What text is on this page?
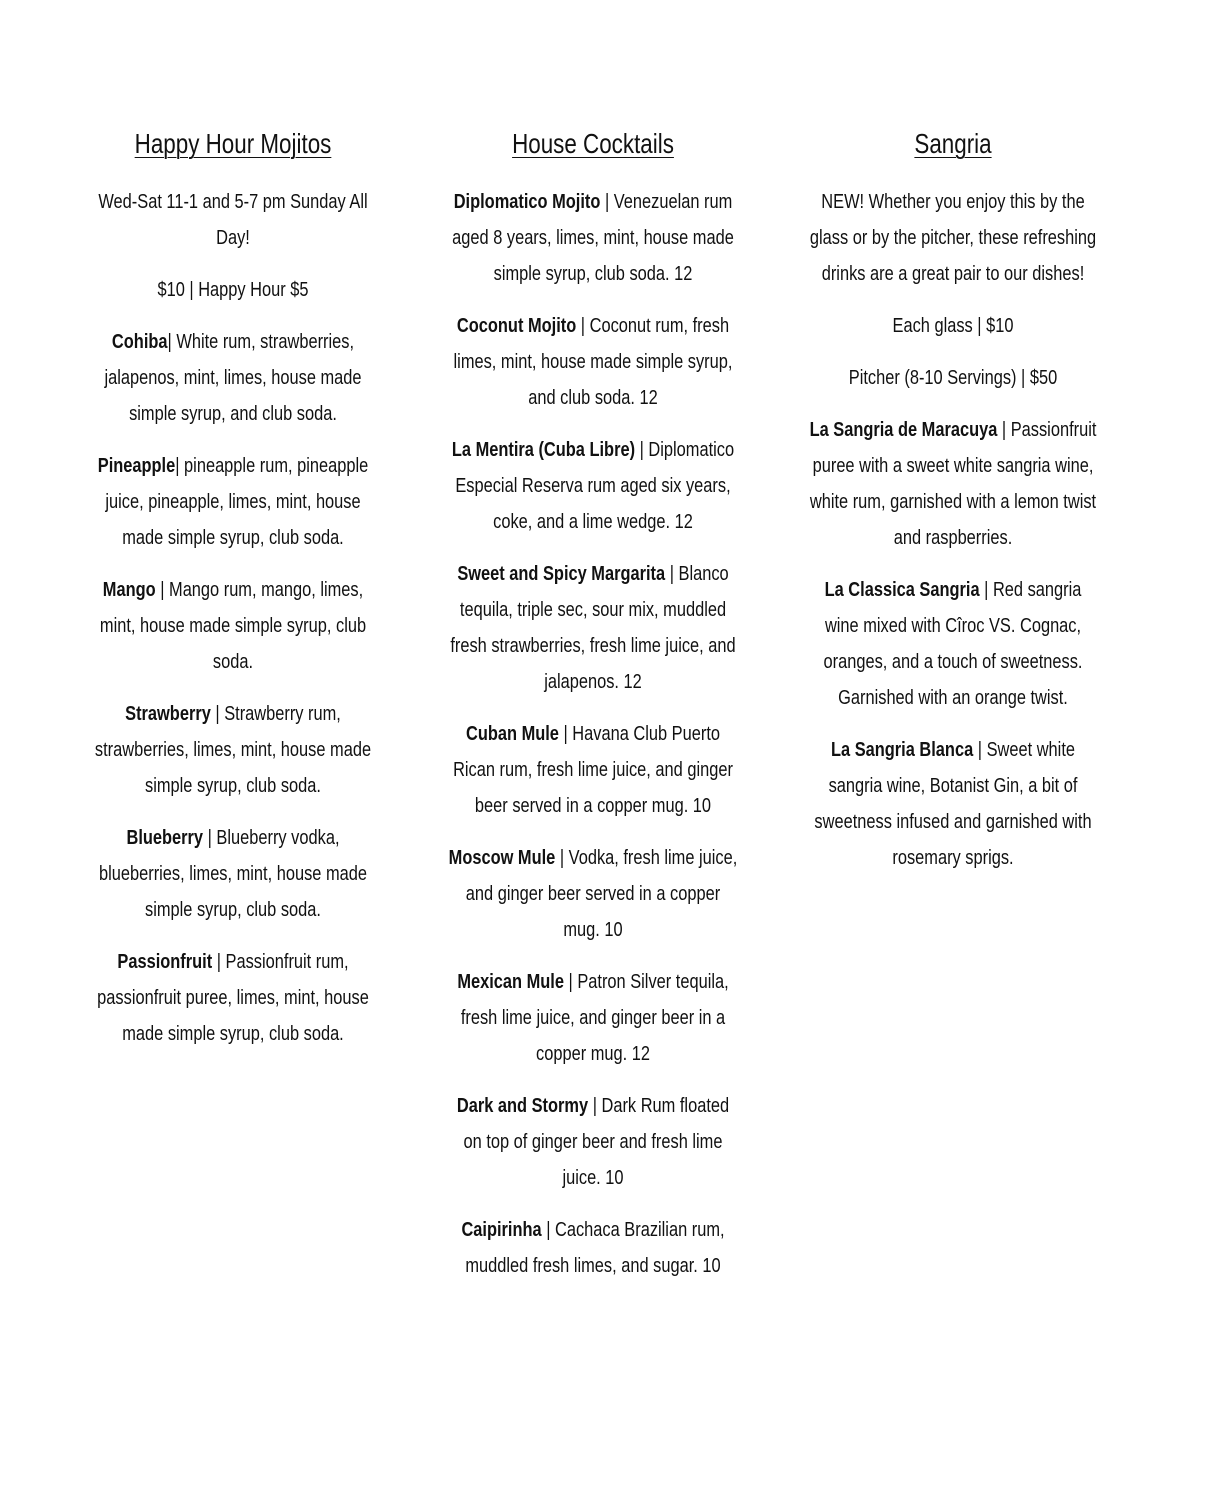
Happy Hour Mojitos

Wed-Sat 11-1 and 5-7 pm Sunday All Day!

$10 | Happy Hour $5

Cohiba| White rum, strawberries, jalapenos, mint, limes, house made simple syrup, and club soda.

Pineapple| pineapple rum, pineapple juice, pineapple, limes, mint, house made simple syrup, club soda.

Mango | Mango rum, mango, limes, mint, house made simple syrup, club soda.

Strawberry | Strawberry rum, strawberries, limes, mint, house made simple syrup, club soda.

Blueberry | Blueberry vodka, blueberries, limes, mint, house made simple syrup, club soda.

Passionfruit | Passionfruit rum, passionfruit puree, limes, mint, house made simple syrup, club soda.

House Cocktails

Diplomatico Mojito | Venezuelan rum aged 8 years, limes, mint, house made simple syrup, club soda. 12

Coconut Mojito | Coconut rum, fresh limes, mint, house made simple syrup, and club soda. 12

La Mentira (Cuba Libre) | Diplomatico Especial Reserva rum aged six years, coke, and a lime wedge. 12

Sweet and Spicy Margarita | Blanco tequila, triple sec, sour mix, muddled fresh strawberries, fresh lime juice, and jalapenos. 12

Cuban Mule | Havana Club Puerto Rican rum, fresh lime juice, and ginger beer served in a copper mug. 10

Moscow Mule | Vodka, fresh lime juice, and ginger beer served in a copper mug. 10

Mexican Mule | Patron Silver tequila, fresh lime juice, and ginger beer in a copper mug. 12

Dark and Stormy | Dark Rum floated on top of ginger beer and fresh lime juice. 10

Caipirinha | Cachaca Brazilian rum, muddled fresh limes, and sugar. 10

Sangria

NEW! Whether you enjoy this by the glass or by the pitcher, these refreshing drinks are a great pair to our dishes!

Each glass | $10

Pitcher (8-10 Servings) | $50

La Sangria de Maracuya | Passionfruit puree with a sweet white sangria wine, white rum, garnished with a lemon twist and raspberries.

La Classica Sangria | Red sangria wine mixed with Cîroc VS. Cognac, oranges, and a touch of sweetness. Garnished with an orange twist.

La Sangria Blanca | Sweet white sangria wine, Botanist Gin, a bit of sweetness infused and garnished with rosemary sprigs.
